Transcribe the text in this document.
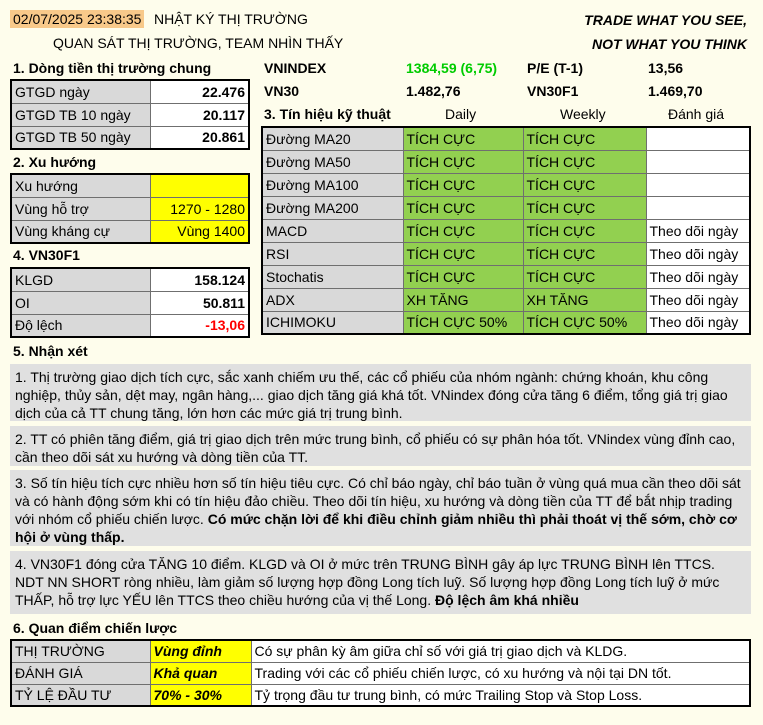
02/07/2025 23:38:35 NHẬT KÝ THỊ TRƯỜNG
QUAN SÁT THỊ TRƯỜNG, TEAM NHÌN THẤY
TRADE WHAT YOU SEE,
NOT WHAT YOU THINK
1. Dòng tiền thị trường chung
GTGD ngày	22.476
GTGD TB 10 ngày	20.117
GTGD TB 50 ngày	20.861
VNINDEX	1384,59 (6,75) P/E (T-1)	13,56
VN30	1.482,76	VN30F1	1.469,70
3. Tín hiệu kỹ thuật	Daily	Weekly	Đánh giá
Đường MA20	TÍCH CỰC	TÍCH CỰC	
Đường MA50	TÍCH CỰC	TÍCH CỰC	
Đường MA100	TÍCH CỰC	TÍCH CỰC	
Đường MA200	TÍCH CỰC	TÍCH CỰC	
MACD	TÍCH CỰC	TÍCH CỰC	Theo dõi ngày
RSI	TÍCH CỰC	TÍCH CỰC	Theo dõi ngày
Stochatis	TÍCH CỰC	TÍCH CỰC	Theo dõi ngày
ADX	XH TĂNG	XH TĂNG	Theo dõi ngày
ICHIMOKU	TÍCH CỰC 50%	TÍCH CỰC 50%	Theo dõi ngày
2. Xu hướng
Xu hướng	
Vùng hỗ trợ	1270 - 1280
Vùng kháng cự	Vùng 1400
4. VN30F1
KLGD	158.124
OI	50.811
Độ lệch	-13,06
5. Nhận xét
1. Thị trường giao dịch tích cực, sắc xanh chiếm ưu thế, các cổ phiếu của nhóm ngành: chứng khoán, khu công nghiệp, thủy sản, dệt may, ngân hàng,... giao dịch tăng giá khá tốt. VNindex đóng cửa tăng 6 điểm, tổng giá trị giao dịch của cả TT chung tăng, lớn hơn các mức giá trị trung bình.
2. TT có phiên tăng điểm, giá trị giao dịch trên mức trung bình, cổ phiếu có sự phân hóa tốt. VNindex vùng đỉnh cao, cần theo dõi sát xu hướng và dòng tiền của TT.
3. Số tín hiệu tích cực nhiều hơn số tín hiệu tiêu cực. Có chỉ báo ngày, chỉ báo tuần ở vùng quá mua cần theo dõi sát và có hành động sớm khi có tín hiệu đảo chiều. Theo dõi tín hiệu, xu hướng và dòng tiền của TT để bắt nhịp trading với nhóm cổ phiếu chiến lược. Có mức chặn lời để khi điều chỉnh giảm nhiều thì phải thoát vị thế sớm, chờ cơ hội ở vùng thấp.
4. VN30F1 đóng cửa TĂNG 10 điểm. KLGD và OI ở mức trên TRUNG BÌNH gây áp lực TRUNG BÌNH lên TTCS. NDT NN SHORT ròng nhiều, làm giảm số lượng hợp đồng Long tích luỹ. Số lượng hợp đồng Long tích luỹ ở mức THẤP, hỗ trợ lực YẾU lên TTCS theo chiều hướng của vị thế Long. Độ lệch âm khá nhiều
6. Quan điểm chiến lược
THỊ TRƯỜNG	Vùng đỉnh	Có sự phân kỳ âm giữa chỉ số với giá trị giao dịch và KLDG.
ĐÁNH GIÁ	Khả quan	Trading với các cổ phiếu chiến lược, có xu hướng và nội tại DN tốt.
TỶ LỆ ĐẦU TƯ	70% - 30%	Tỷ trọng đầu tư trung bình, có mức Trailing Stop và Stop Loss.
